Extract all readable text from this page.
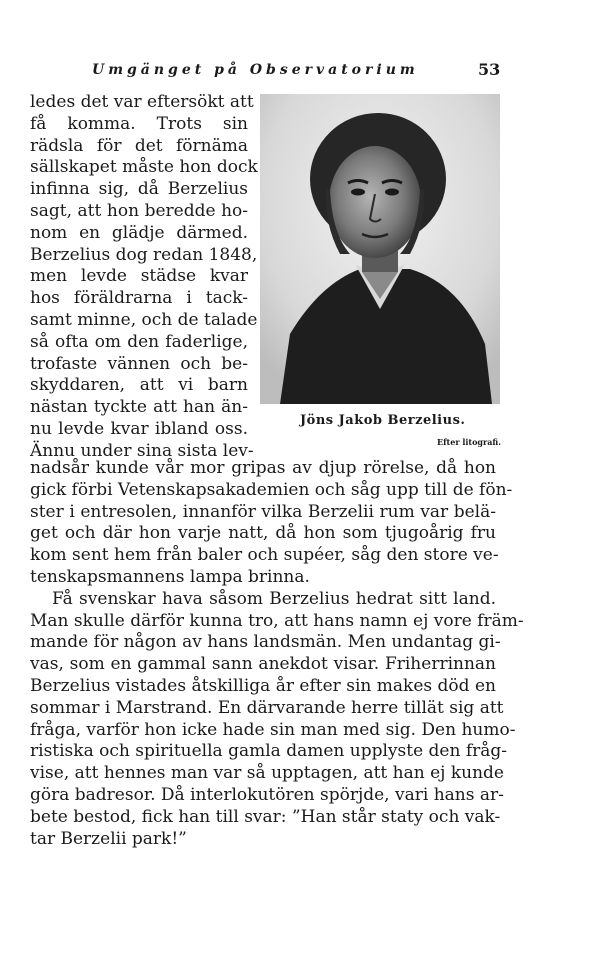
Umgänget på Observatorium	53
ledes det var eftersökt att
få komma. Trots sin
rädsla för det förnäma
sällskapet måste hon dock
infinna sig, då Berzelius
sagt, att hon beredde ho-
nom en glädje därmed.
Berzelius dog redan 1848,
men levde städse kvar
hos föräldrarna i tack-
samt minne, och de talade
så ofta om den faderlige,
trofaste vännen och be-
skyddaren, att vi barn
nästan tyckte att han än-
nu levde kvar ibland oss.
Ännu under sina sista lev-
Jöns Jakob Berzelius.
Efter litografi.
nadsår kunde vår mor gripas av djup rörelse, då hon
gick förbi Vetenskapsakademien och såg upp till de fön-
ster i entresolen, innanför vilka Berzelii rum var belä-
get och där hon varje natt, då hon som tjugoårig fru
kom sent hem från baler och supéer, såg den store ve-
tenskapsmannens lampa brinna.
Få svenskar hava såsom Berzelius hedrat sitt land.
Man skulle därför kunna tro, att hans namn ej vore främ-
mande för någon av hans landsmän. Men undantag gi-
vas, som en gammal sann anekdot visar. Friherrinnan
Berzelius vistades åtskilliga år efter sin makes död en
sommar i Marstrand. En därvarande herre tillät sig att
fråga, varför hon icke hade sin man med sig. Den humo-
ristiska och spirituella gamla damen upplyste den fråg-
vise, att hennes man var så upptagen, att han ej kunde
göra badresor. Då interlokutören spörjde, vari hans ar-
bete bestod, fick han till svar: ”Han står staty och vak-
tar Berzelii park!”
